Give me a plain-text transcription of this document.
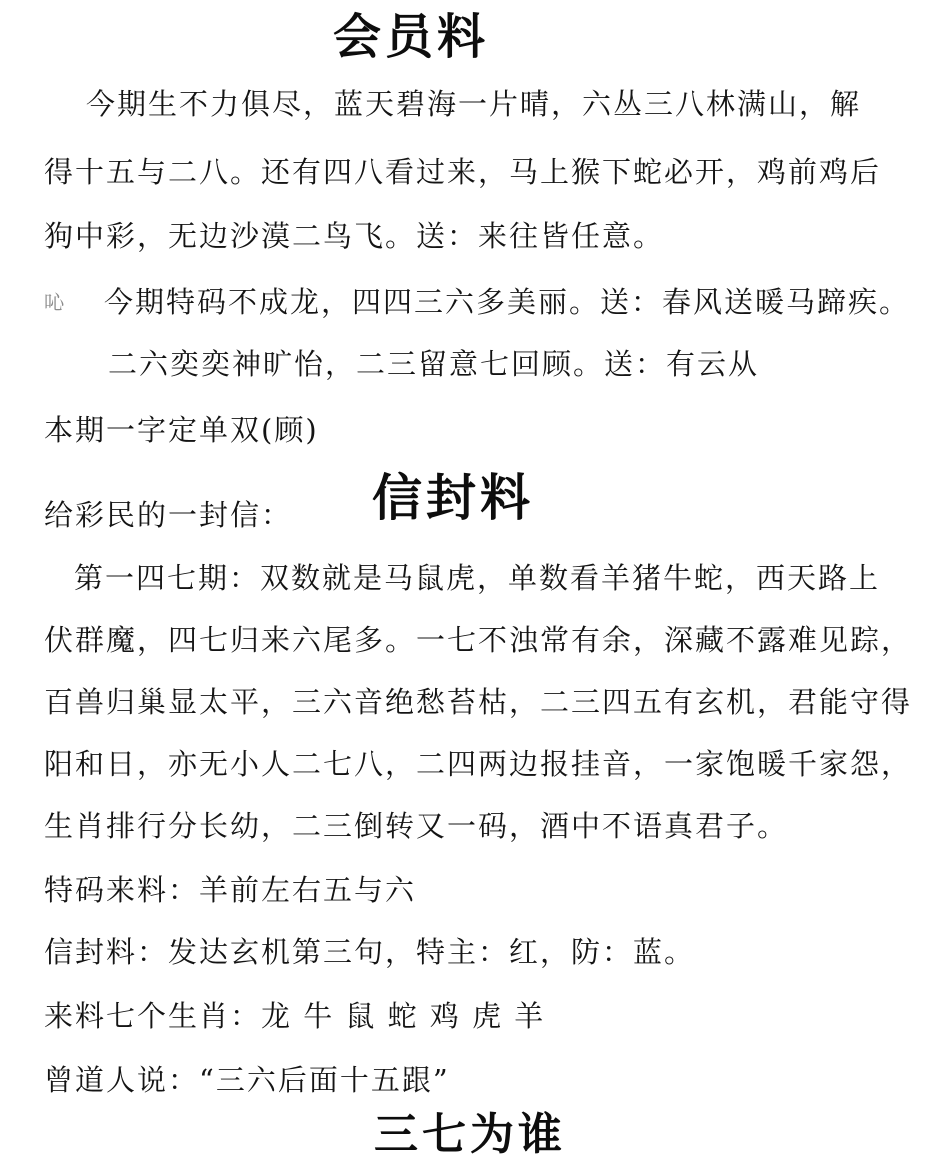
会员料
今期生不力俱尽，蓝天碧海一片晴，六丛三八林满山，解
得十五与二八。还有四八看过来，马上猴下蛇必开，鸡前鸡后
狗中彩，无边沙漠二鸟飞。送：来往皆任意。
吣 今期特码不成龙，四四三六多美丽。送：春风送暖马蹄疾。
二六奕奕神旷怡，二三留意七回顾。送：有云从
本期一字定单双(顾)
给彩民的一封信： 信封料
第一四七期：双数就是马鼠虎，单数看羊猪牛蛇，西天路上
伏群魔，四七归来六尾多。一七不浊常有余，深藏不露难见踪，
百兽归巢显太平，三六音绝愁苔枯，二三四五有玄机，君能守得
阳和日，亦无小人二七八，二四两边报挂音，一家饱暖千家怨，
生肖排行分长幼，二三倒转又一码，酒中不语真君子。
特码来料：羊前左右五与六
信封料：发达玄机第三句，特主：红，防：蓝。
来料七个生肖：龙 牛 鼠 蛇 鸡 虎 羊
曾道人说：“三六后面十五跟”
三七为谁
